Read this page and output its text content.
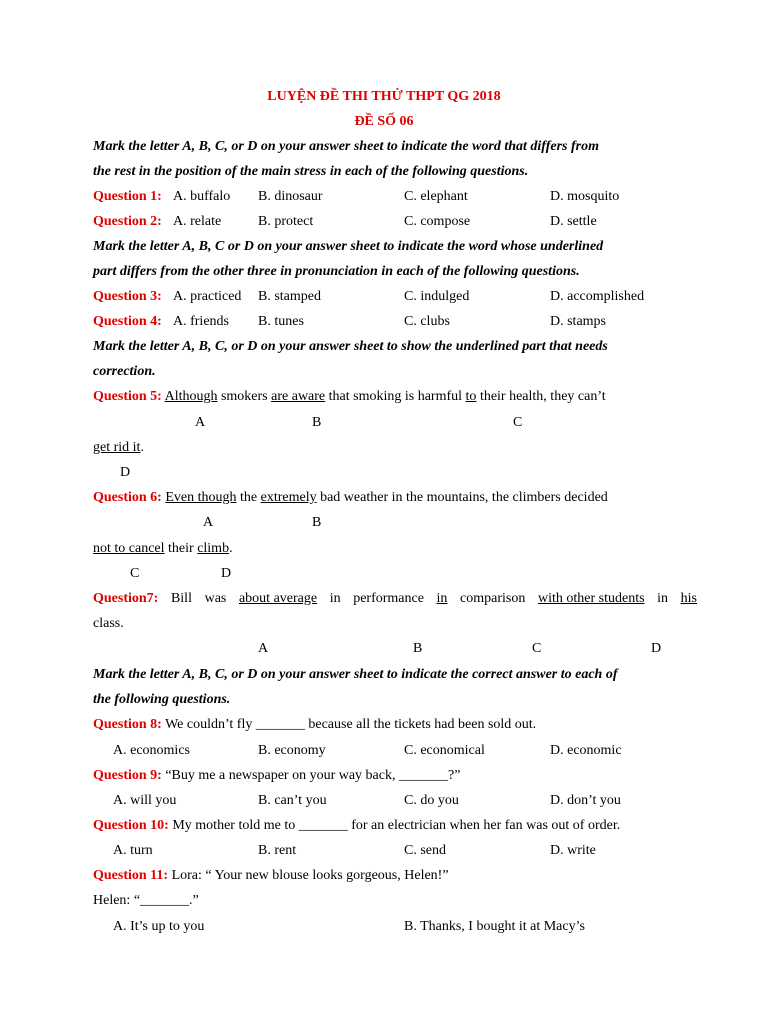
LUYỆN ĐỀ THI THỬ THPT QG 2018
ĐỀ SỐ 06
Mark the letter A, B, C, or D on your answer sheet to indicate the word that differs from
the rest in the position of the main stress in each of the following questions.
Question 1: A. buffalo B. dinosaur	C. elephant	D. mosquito
Question 2: A. relate	B. protect	C. compose	D. settle
Mark the letter A, B, C or D on your answer sheet to indicate the word whose underlined
part differs from the other three in pronunciation in each of the following questions.
Question 3: A. practiced B. stamped	C. indulged	D. accomplished
Question 4: A. friends B. tunes	C. clubs	D. stamps
Mark the letter A, B, C, or D on your answer sheet to show the underlined part that needs
correction.
Question 5: Although smokers are aware that smoking is harmful to their health, they can’t
A	B	C
get rid it.
D
Question 6: Even though the extremely bad weather in the mountains, the climbers decided
A	B
not to cancel their climb.
C	D
Question7: Bill was about average in performance in comparison with other students in his
class.
A	B	C	D
Mark the letter A, B, C, or D on your answer sheet to indicate the correct answer to each of
the following questions.
Question 8: We couldn’t fly _______ because all the tickets had been sold out.
A. economics	B. economy	C. economical	D. economic
Question 9: “Buy me a newspaper on your way back, _______?”
A. will you	B. can’t you	C. do you	D. don’t you
Question 10: My mother told me to _______ for an electrician when her fan was out of order.
A. turn	B. rent	C. send	D. write
Question 11: Lora: “ Your new blouse looks gorgeous, Helen!”
Helen: “_______.”
A. It’s up to you	B. Thanks, I bought it at Macy’s
